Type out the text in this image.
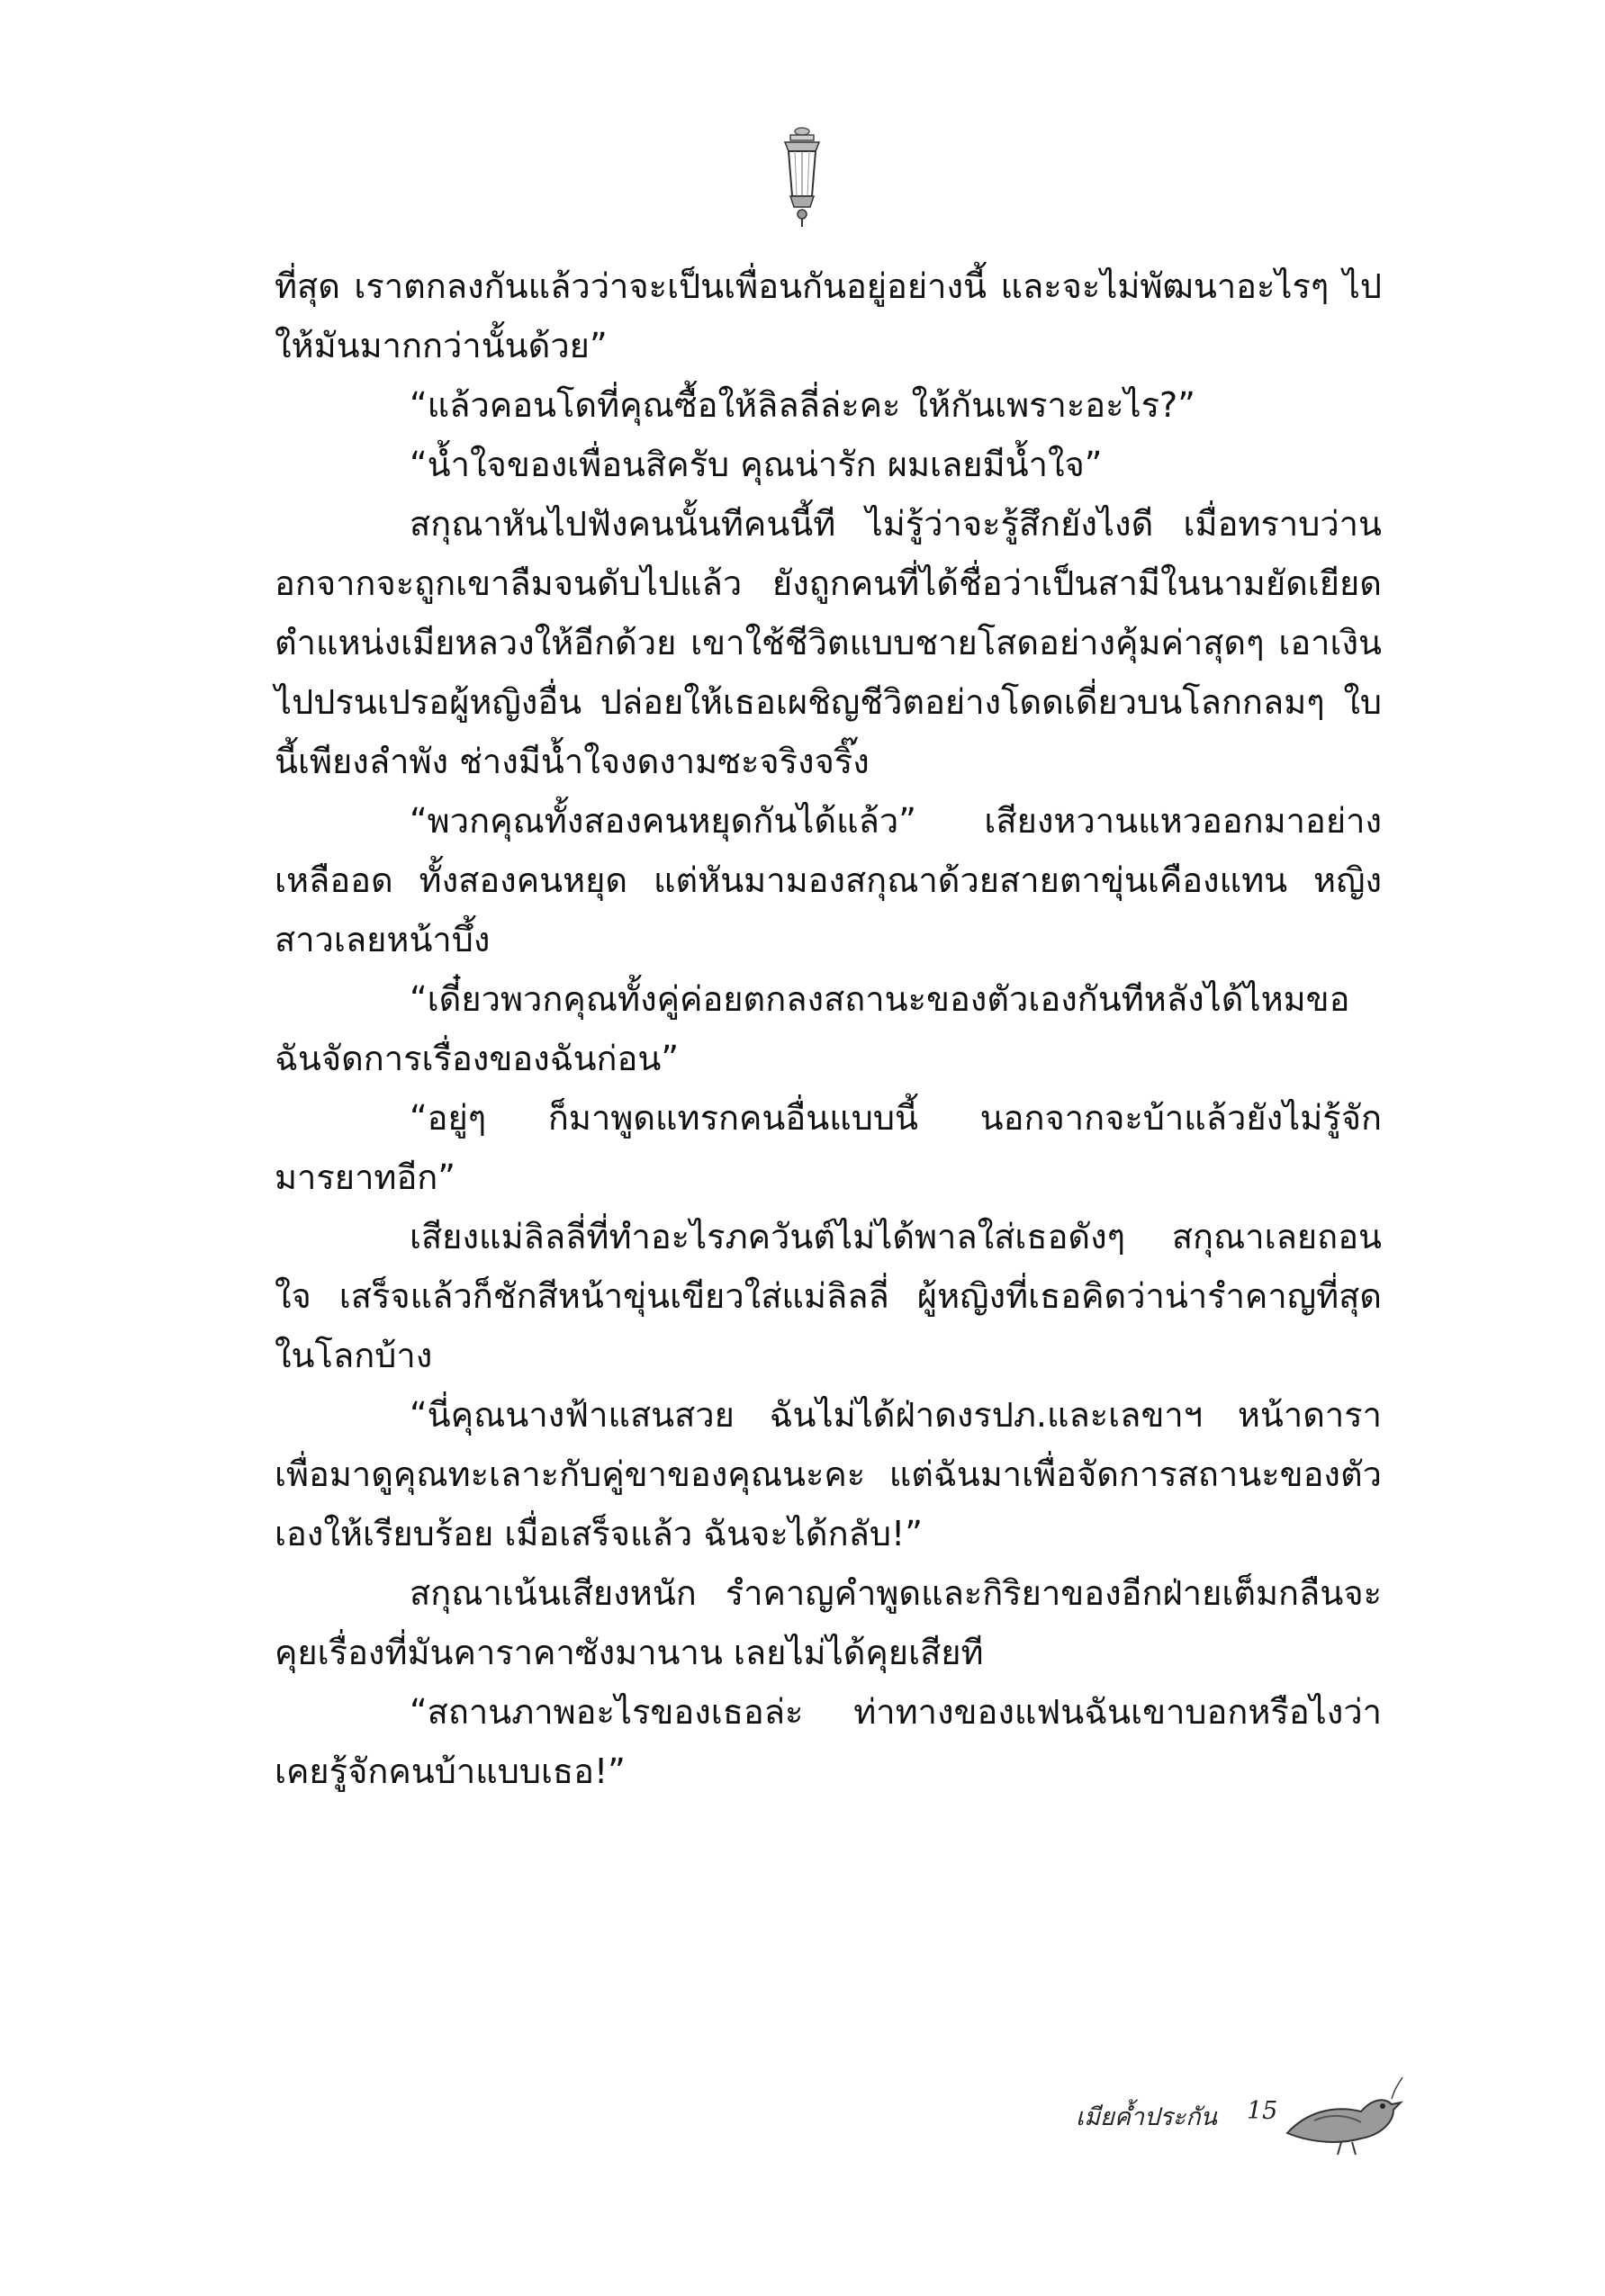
ที่สุด เราตกลงกันแล้วว่าจะเป็นเพื่อนกันอยู่อย่างนี้ และจะไม่พัฒนาอะไรๆ ไปให้มันมากกว่านั้นด้วย”

“แล้วคอนโดที่คุณซื้อให้ลิลลี่ล่ะคะ ให้กันเพราะอะไร?”

“น้ำใจของเพื่อนสิครับ คุณน่ารัก ผมเลยมีน้ำใจ”

สกุณาหันไปฟังคนนั้นทีคนนี้ที ไม่รู้ว่าจะรู้สึกยังไงดี เมื่อทราบว่านอกจากจะถูกเขาลืมจนดับไปแล้ว ยังถูกคนที่ได้ชื่อว่าเป็นสามีในนามยัดเยียดตำแหน่งเมียหลวงให้อีกด้วย เขาใช้ชีวิตแบบชายโสดอย่างคุ้มค่าสุดๆ เอาเงินไปปรนเปรอผู้หญิงอื่น ปล่อยให้เธอเผชิญชีวิตอย่างโดดเดี่ยวบนโลกกลมๆ ใบนี้เพียงลำพัง ช่างมีน้ำใจงดงามซะจริงจริ๊ง

“พวกคุณทั้งสองคนหยุดกันได้แล้ว” เสียงหวานแหวออกมาอย่างเหลืออด ทั้งสองคนหยุด แต่หันมามองสกุณาด้วยสายตาขุ่นเคืองแทน หญิงสาวเลยหน้าบึ้ง

“เดี๋ยวพวกคุณทั้งคู่ค่อยตกลงสถานะของตัวเองกันทีหลังได้ไหมขอฉันจัดการเรื่องของฉันก่อน”

“อยู่ๆ ก็มาพูดแทรกคนอื่นแบบนี้ นอกจากจะบ้าแล้วยังไม่รู้จักมารยาทอีก”

เสียงแม่ลิลลี่ที่ทำอะไรภควันต์ไม่ได้พาลใส่เธอดังๆ สกุณาเลยถอนใจ เสร็จแล้วก็ชักสีหน้าขุ่นเขียวใส่แม่ลิลลี่ ผู้หญิงที่เธอคิดว่าน่ารำคาญที่สุดในโลกบ้าง

“นี่คุณนางฟ้าแสนสวย ฉันไม่ได้ฝ่าดงรปภ.และเลขาฯ หน้าดาราเพื่อมาดูคุณทะเลาะกับคู่ขาของคุณนะคะ แต่ฉันมาเพื่อจัดการสถานะของตัวเองให้เรียบร้อย เมื่อเสร็จแล้ว ฉันจะได้กลับ!”

สกุณาเน้นเสียงหนัก รำคาญคำพูดและกิริยาของอีกฝ่ายเต็มกลืนจะคุยเรื่องที่มันคาราคาซังมานาน เลยไม่ได้คุยเสียที

“สถานภาพอะไรของเธอล่ะ ท่าทางของแฟนฉันเขาบอกหรือไงว่าเคยรู้จักคนบ้าแบบเธอ!”

เมียค้ำประกัน 15
